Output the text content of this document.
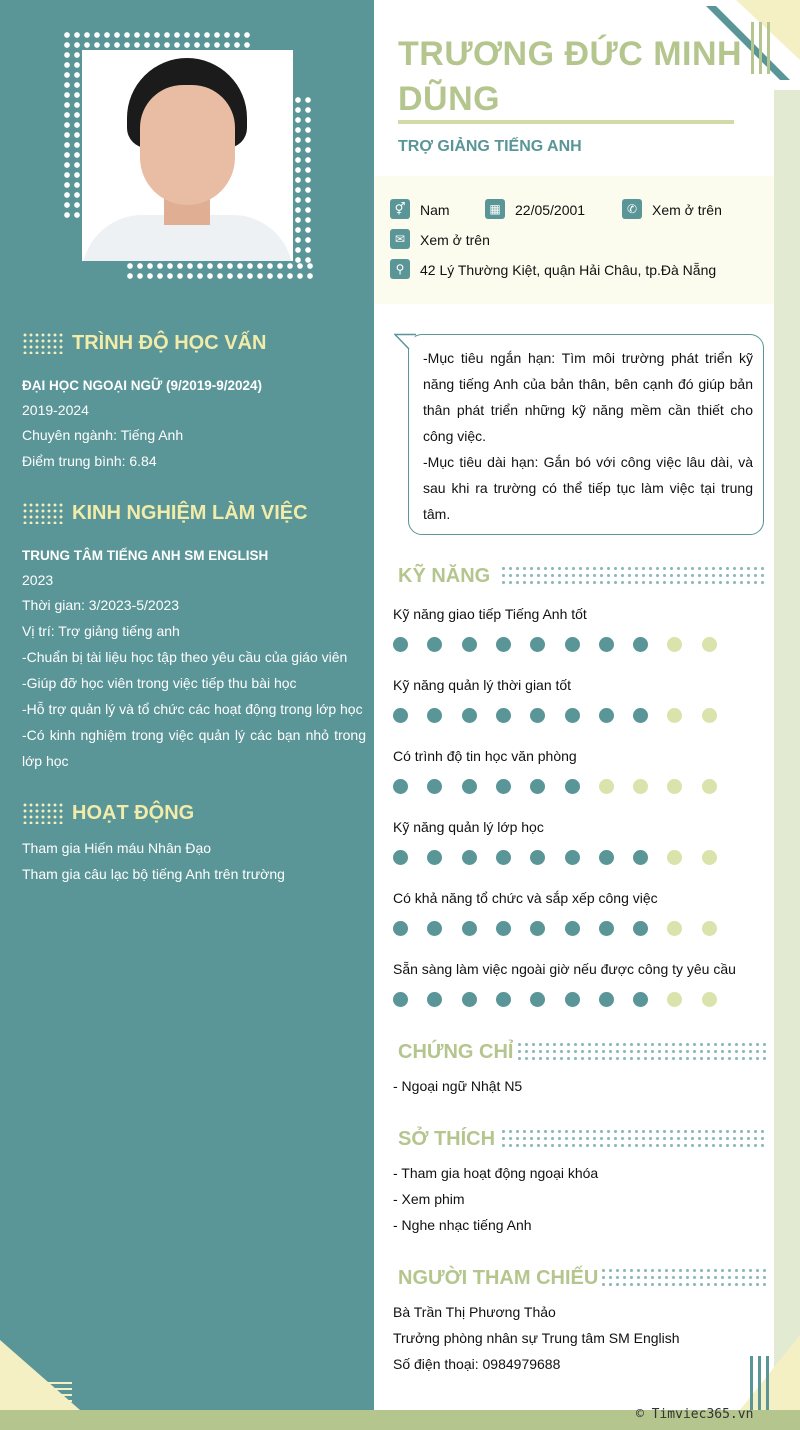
TRƯƠNG ĐỨC MINH DŨNG
TRỢ GIẢNG TIẾNG ANH
⚥	Nam	▦	22/05/2001	✆	Xem ở trên
✉	Xem ở trên
⚲	42 Lý Thường Kiệt, quận Hải Châu, tp.Đà Nẵng
TRÌNH ĐỘ HỌC VẤN
ĐẠI HỌC NGOẠI NGỮ (9/2019-9/2024)
2019-2024
Chuyên ngành: Tiếng Anh
Điểm trung bình: 6.84
KINH NGHIỆM LÀM VIỆC
TRUNG TÂM TIẾNG ANH SM ENGLISH
2023
Thời gian: 3/2023-5/2023
Vị trí: Trợ giảng tiếng anh
-Chuẩn bị tài liệu học tập theo yêu cầu của giáo viên
-Giúp đỡ học viên trong việc tiếp thu bài học
-Hỗ trợ quản lý và tổ chức các hoạt động trong lớp học
-Có kinh nghiệm trong việc quản lý các bạn nhỏ trong
lớp học
HOẠT ĐỘNG
Tham gia Hiến máu Nhân Đạo
Tham gia câu lạc bộ tiếng Anh trên trường

-Mục tiêu ngắn hạn: Tìm môi trường phát triển kỹ năng tiếng Anh của bản thân, bên cạnh đó giúp bản thân phát triển những kỹ năng mềm cần thiết cho công việc.

-Mục tiêu dài hạn: Gắn bó với công việc lâu dài, và sau khi ra trường có thể tiếp tục làm việc tại trung tâm.

KỸ NĂNG
Kỹ năng giao tiếp Tiếng Anh tốt
Kỹ năng quản lý thời gian tốt
Có trình độ tin học văn phòng
Kỹ năng quản lý lớp học
Có khả năng tổ chức và sắp xếp công việc
Sẵn sàng làm việc ngoài giờ nếu được công ty yêu cầu
CHỨNG CHỈ
- Ngoại ngữ Nhật N5
SỞ THÍCH
- Tham gia hoạt động ngoại khóa
- Xem phim
- Nghe nhạc tiếng Anh
NGƯỜI THAM CHIẾU
Bà Trần Thị Phương Thảo
Trưởng phòng nhân sự Trung tâm SM English
Số điện thoại: 0984979688
© Timviec365.vn
